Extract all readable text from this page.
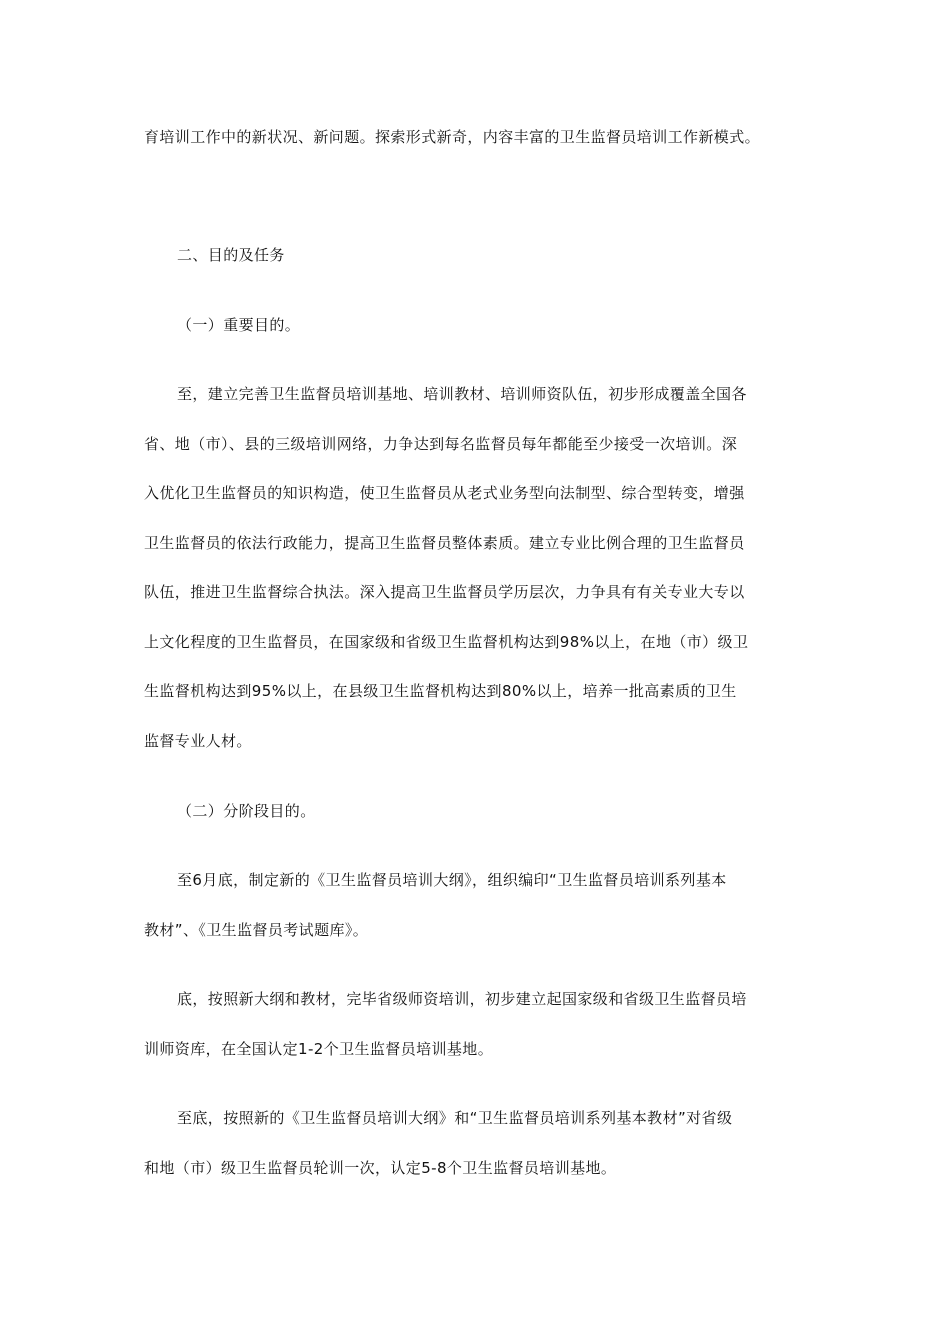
育培训工作中的新状况、新问题。探索形式新奇，内容丰富的卫生监督员培训工作新模式。

二、目的及任务

（一）重要目的。

至，建立完善卫生监督员培训基地、培训教材、培训师资队伍，初步形成覆盖全国各
省、地（市）、县的三级培训网络，力争达到每名监督员每年都能至少接受一次培训。深
入优化卫生监督员的知识构造，使卫生监督员从老式业务型向法制型、综合型转变，增强
卫生监督员的依法行政能力，提高卫生监督员整体素质。建立专业比例合理的卫生监督员
队伍，推进卫生监督综合执法。深入提高卫生监督员学历层次，力争具有有关专业大专以
上文化程度的卫生监督员，在国家级和省级卫生监督机构达到98%以上，在地（市）级卫
生监督机构达到95%以上，在县级卫生监督机构达到80%以上，培养一批高素质的卫生
监督专业人材。

（二）分阶段目的。

至6月底，制定新的《卫生监督员培训大纲》，组织编印“卫生监督员培训系列基本
教材”、《卫生监督员考试题库》。

底，按照新大纲和教材，完毕省级师资培训，初步建立起国家级和省级卫生监督员培
训师资库，在全国认定1-2个卫生监督员培训基地。

至底，按照新的《卫生监督员培训大纲》和“卫生监督员培训系列基本教材”对省级
和地（市）级卫生监督员轮训一次，认定5-8个卫生监督员培训基地。
